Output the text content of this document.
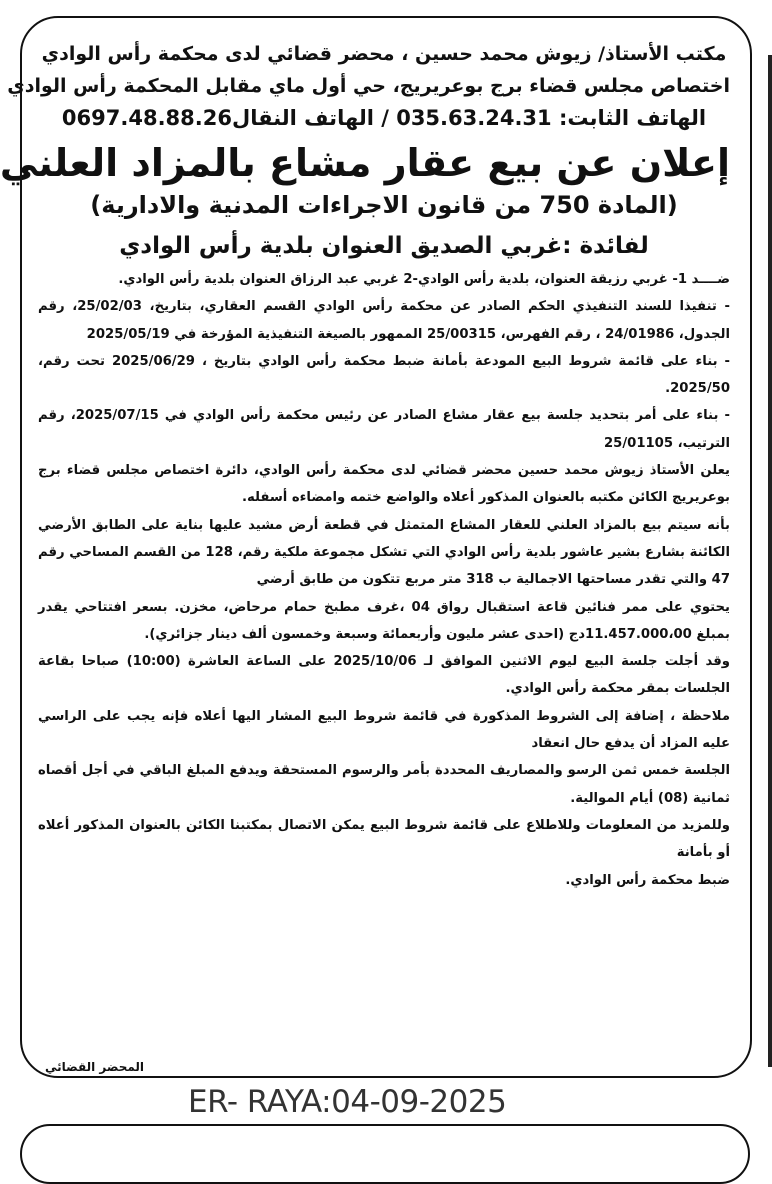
مكتب الأستاذ/ زيوش محمد حسين ، محضر قضائي لدى محكمة رأس الوادي
اختصاص مجلس قضاء برج بوعريريج، حي أول ماي مقابل المحكمة رأس الوادي
الهاتف الثابت: 035.63.24.31 / الهاتف النقال0697.48.88.26
إعلان عن بيع عقار مشاع بالمزاد العلني
(المادة 750 من قانون الاجراءات المدنية والادارية)
لفائدة :غربي الصديق العنوان بلدية رأس الوادي

ضــــد 1- غربي رزيقة العنوان، بلدية رأس الوادي-2 غربي عبد الرزاق العنوان بلدية رأس الوادي.

- تنفيذا للسند التنفيذي الحكم الصادر عن محكمة رأس الوادي القسم العقاري، بتاريخ، 25/02/03، رقم الجدول، 24/01986 ، رقم الفهرس، 25/00315 الممهور بالصيغة التنفيذية المؤرخة في 2025/05/19

- بناء على قائمة شروط البيع المودعة بأمانة ضبط محكمة رأس الوادي بتاريخ ، 2025/06/29 تحت رقم، 2025/50.

- بناء على أمر بتحديد جلسة بيع عقار مشاع الصادر عن رئيس محكمة رأس الوادي في 2025/07/15، رقم الترتيب، 25/01105

يعلن الأستاذ زيوش محمد حسين محضر قضائي لدى محكمة رأس الوادي، دائرة اختصاص مجلس قضاء برج بوعريريج الكائن مكتبه بالعنوان المذكور أعلاه والواضع ختمه وامضاءه أسفله.

بأنه سيتم بيع بالمزاد العلني للعقار المشاع المتمثل في قطعة أرض مشيد عليها بناية على الطابق الأرضي الكائنة بشارع بشير عاشور بلدية رأس الوادي التي تشكل مجموعة ملكية رقم، 128 من القسم المساحي رقم 47 والتي تقدر مساحتها الاجمالية ب 318 متر مربع تتكون من طابق أرضي

يحتوي على ممر فنائين قاعة استقبال رواق 04 ،غرف مطبخ حمام مرحاض، مخزن. بسعر افتتاحي يقدر بمبلغ 11.457.000،00دج (احدى عشر مليون وأربعمائة وسبعة وخمسون ألف دينار جزائري).

وقد أجلت جلسة البيع ليوم الاثنين الموافق لـ 2025/10/06 على الساعة العاشرة (10:00) صباحا بقاعة الجلسات بمقر محكمة رأس الوادي.

ملاحظة ، إضافة إلى الشروط المذكورة في قائمة شروط البيع المشار اليها أعلاه فإنه يجب على الراسي عليه المزاد أن يدفع حال انعقاد

الجلسة خمس ثمن الرسو والمصاريف المحددة بأمر والرسوم المستحقة ويدفع المبلغ الباقي في أجل أقصاه ثمانية (08) أيام الموالية.

وللمزيد من المعلومات وللاطلاع على قائمة شروط البيع يمكن الاتصال بمكتبنا الكائن بالعنوان المذكور أعلاه أو بأمانة

ضبط محكمة رأس الوادي.

المحضر القضائي
ER- RAYA:04-09-2025
